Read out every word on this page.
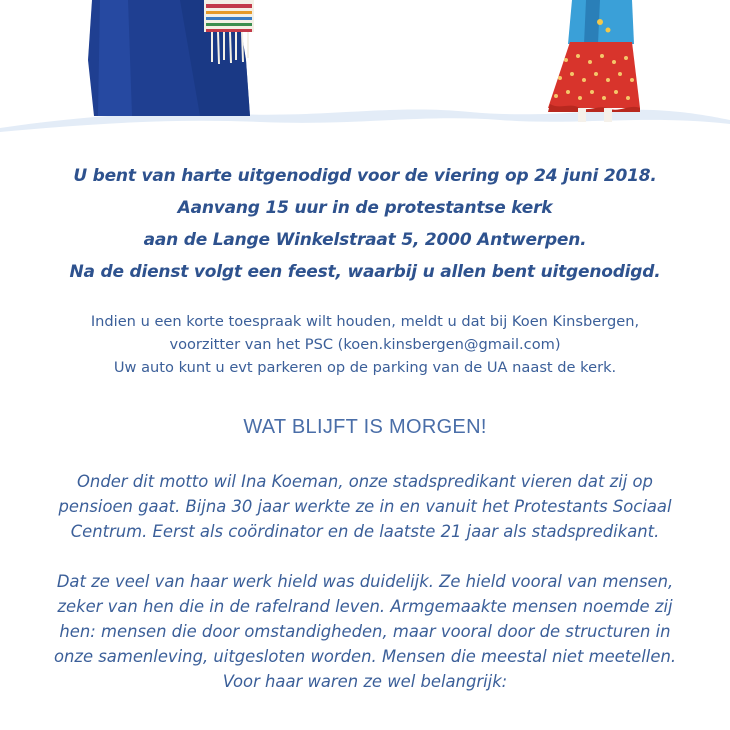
U bent van harte uitgenodigd voor de viering op 24 juni 2018.

Aanvang 15 uur in de protestantse kerk

aan de Lange Winkelstraat 5, 2000 Antwerpen.

Na de dienst volgt een feest, waarbij u allen bent uitgenodigd.

Indien u een korte toespraak wilt houden, meldt u dat bij Koen Kinsbergen,

voorzitter van het PSC (koen.kinsbergen@gmail.com)

Uw auto kunt u evt parkeren op de parking van de UA naast de kerk.

WAT BLIJFT IS MORGEN!

Onder dit motto wil Ina Koeman, onze stadspredikant vieren dat zij op

pensioen gaat. Bijna 30 jaar werkte ze in en vanuit het Protestants Sociaal

Centrum. Eerst als coördinator en de laatste 21 jaar als stadspredikant.

Dat ze veel van haar werk hield was duidelijk. Ze hield vooral van mensen,

zeker van hen die in de rafelrand leven. Armgemaakte mensen noemde zij

hen: mensen die door omstandigheden, maar vooral door de structuren in

onze samenleving, uitgesloten worden. Mensen die meestal niet meetellen.

Voor haar waren ze wel belangrijk:
